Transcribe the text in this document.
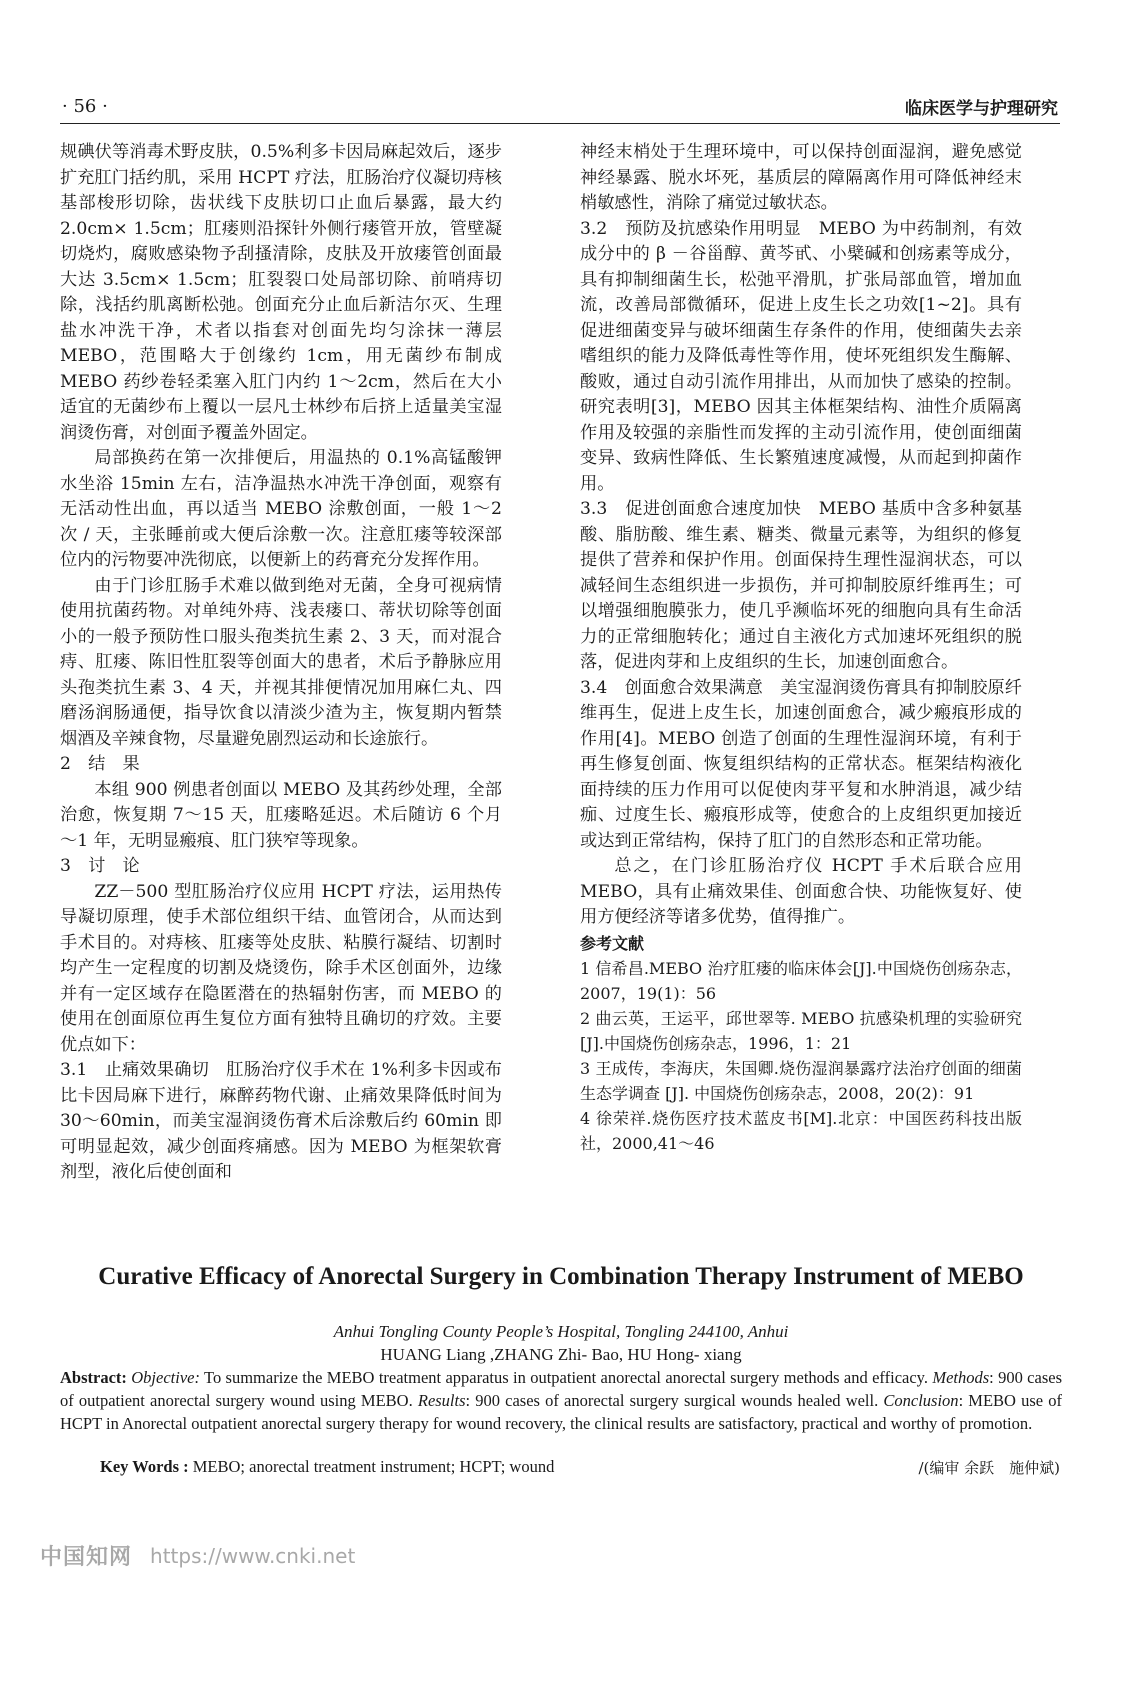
· 56 ·	临床医学与护理研究

规碘伏等消毒术野皮肤，0.5%利多卡因局麻起效后，逐步扩充肛门括约肌，采用 HCPT 疗法，肛肠治疗仪凝切痔核基部梭形切除，齿状线下皮肤切口止血后暴露，最大约 2.0cm× 1.5cm；肛瘘则沿探针外侧行瘘管开放，管壁凝切烧灼，腐败感染物予刮搔清除，皮肤及开放瘘管创面最大达 3.5cm× 1.5cm；肛裂裂口处局部切除、前哨痔切除，浅括约肌离断松弛。创面充分止血后新洁尔灭、生理盐水冲洗干净，术者以指套对创面先均匀涂抹一薄层 MEBO，范围略大于创缘约 1cm，用无菌纱布制成 MEBO 药纱卷轻柔塞入肛门内约 1～2cm，然后在大小适宜的无菌纱布上覆以一层凡士林纱布后挤上适量美宝湿润烫伤膏，对创面予覆盖外固定。

局部换药在第一次排便后，用温热的 0.1%高锰酸钾水坐浴 15min 左右，洁净温热水冲洗干净创面，观察有无活动性出血，再以适当 MEBO 涂敷创面，一般 1～2 次 / 天，主张睡前或大便后涂敷一次。注意肛瘘等较深部位内的污物要冲洗彻底，以便新上的药膏充分发挥作用。

由于门诊肛肠手术难以做到绝对无菌，全身可视病情使用抗菌药物。对单纯外痔、浅表瘘口、蒂状切除等创面小的一般予预防性口服头孢类抗生素 2、3 天，而对混合痔、肛瘘、陈旧性肛裂等创面大的患者，术后予静脉应用头孢类抗生素 3、4 天，并视其排便情况加用麻仁丸、四磨汤润肠通便，指导饮食以清淡少渣为主，恢复期内暂禁烟酒及辛辣食物，尽量避免剧烈运动和长途旅行。

2　结　果

本组 900 例患者创面以 MEBO 及其药纱处理，全部治愈，恢复期 7～15 天，肛瘘略延迟。术后随访 6 个月～1 年，无明显瘢痕、肛门狭窄等现象。

3　讨　论

ZZ－500 型肛肠治疗仪应用 HCPT 疗法，运用热传导凝切原理，使手术部位组织干结、血管闭合，从而达到手术目的。对痔核、肛瘘等处皮肤、粘膜行凝结、切割时均产生一定程度的切割及烧烫伤，除手术区创面外，边缘并有一定区域存在隐匿潜在的热辐射伤害，而 MEBO 的使用在创面原位再生复位方面有独特且确切的疗效。主要优点如下：

3.1　止痛效果确切　肛肠治疗仪手术在 1%利多卡因或布比卡因局麻下进行，麻醉药物代谢、止痛效果降低时间为 30～60min，而美宝湿润烫伤膏术后涂敷后约 60min 即可明显起效，减少创面疼痛感。因为 MEBO 为框架软膏剂型，液化后使创面和

神经末梢处于生理环境中，可以保持创面湿润，避免感觉神经暴露、脱水坏死，基质层的障隔离作用可降低神经末梢敏感性，消除了痛觉过敏状态。

3.2　预防及抗感染作用明显　MEBO 为中药制剂，有效成分中的 β －谷甾醇、黄芩甙、小檗碱和创疡素等成分，具有抑制细菌生长，松弛平滑肌，扩张局部血管，增加血流，改善局部微循环，促进上皮生长之功效[1~2]。具有促进细菌变异与破坏细菌生存条件的作用，使细菌失去亲嗜组织的能力及降低毒性等作用，使坏死组织发生酶解、酸败，通过自动引流作用排出，从而加快了感染的控制。研究表明[3]，MEBO 因其主体框架结构、油性介质隔离作用及较强的亲脂性而发挥的主动引流作用，使创面细菌变异、致病性降低、生长繁殖速度减慢，从而起到抑菌作用。

3.3　促进创面愈合速度加快　MEBO 基质中含多种氨基酸、脂肪酸、维生素、糖类、微量元素等，为组织的修复提供了营养和保护作用。创面保持生理性湿润状态，可以减轻间生态组织进一步损伤，并可抑制胶原纤维再生；可以增强细胞膜张力，使几乎濒临坏死的细胞向具有生命活力的正常细胞转化；通过自主液化方式加速坏死组织的脱落，促进肉芽和上皮组织的生长，加速创面愈合。

3.4　创面愈合效果满意　美宝湿润烫伤膏具有抑制胶原纤维再生，促进上皮生长，加速创面愈合，减少瘢痕形成的作用[4]。MEBO 创造了创面的生理性湿润环境，有利于再生修复创面、恢复组织结构的正常状态。框架结构液化面持续的压力作用可以促使肉芽平复和水肿消退，减少结痂、过度生长、瘢痕形成等，使愈合的上皮组织更加接近或达到正常结构，保持了肛门的自然形态和正常功能。

总之，在门诊肛肠治疗仪 HCPT 手术后联合应用 MEBO，具有止痛效果佳、创面愈合快、功能恢复好、使用方便经济等诸多优势，值得推广。

参考文献

1 信希昌.MEBO 治疗肛瘘的临床体会[J].中国烧伤创疡杂志，2007，19(1)：56

2 曲云英，王运平，邱世翠等. MEBO 抗感染机理的实验研究[J].中国烧伤创疡杂志，1996，1：21

3 王成传，李海庆，朱国卿.烧伤湿润暴露疗法治疗创面的细菌生态学调查 [J]. 中国烧伤创疡杂志，2008，20(2)：91

4 徐荣祥.烧伤医疗技术蓝皮书[M].北京：中国医药科技出版社，2000,41～46

Curative Efficacy of Anorectal Surgery in Combination Therapy Instrument of MEBO
Anhui Tongling County People’s Hospital, Tongling 244100, Anhui
HUANG Liang ,ZHANG Zhi- Bao, HU Hong- xiang
Abstract: Objective: To summarize the MEBO treatment apparatus in outpatient anorectal anorectal surgery methods and efficacy. Methods: 900 cases of outpatient anorectal surgery wound using MEBO. Results: 900 cases of anorectal surgery surgical wounds healed well. Conclusion: MEBO use of HCPT in Anorectal outpatient anorectal surgery therapy for wound recovery, the clinical results are satisfactory, practical and worthy of promotion.
Key Words : MEBO; anorectal treatment instrument; HCPT; wound	/(编审 余跃　施仲斌)
中国知网 https://www.cnki.net
